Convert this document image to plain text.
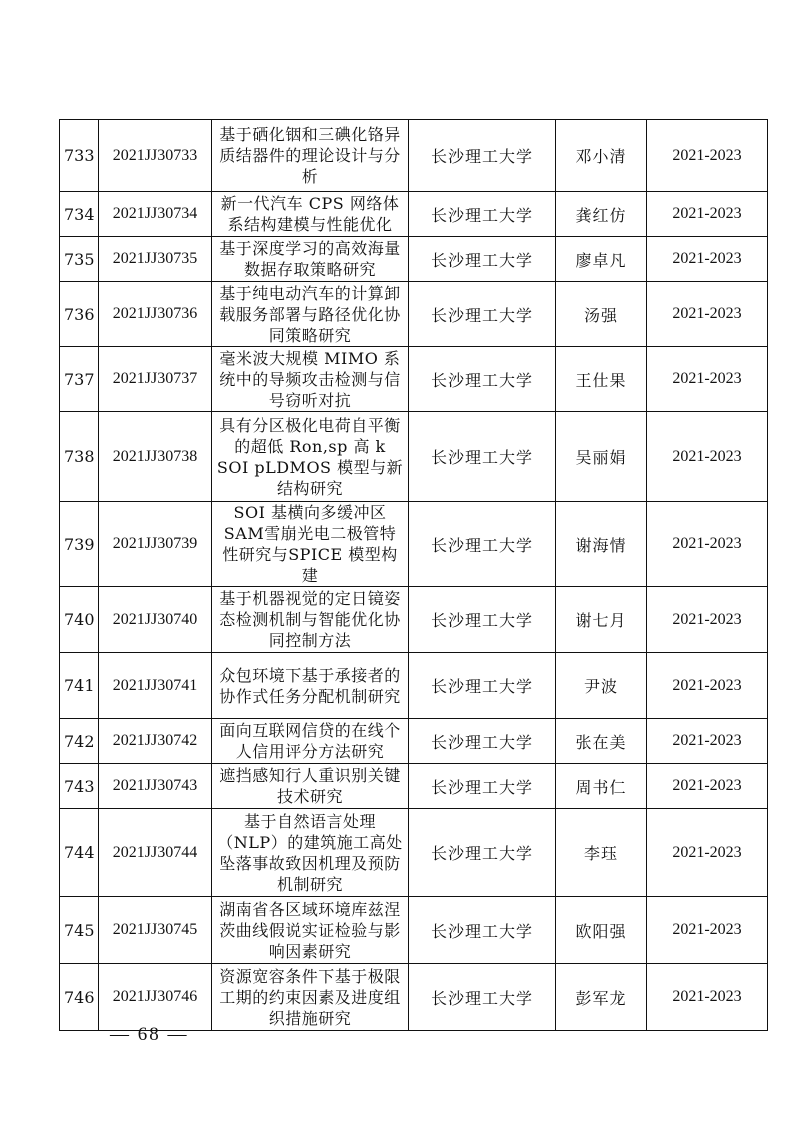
733	2021JJ30733	基于硒化铟和三碘化铬异质结器件的理论设计与分析	长沙理工大学	邓小清	2021-2023
734	2021JJ30734	新一代汽车 CPS 网络体系结构建模与性能优化	长沙理工大学	龚红仿	2021-2023
735	2021JJ30735	基于深度学习的高效海量数据存取策略研究	长沙理工大学	廖卓凡	2021-2023
736	2021JJ30736	基于纯电动汽车的计算卸载服务部署与路径优化协同策略研究	长沙理工大学	汤强	2021-2023
737	2021JJ30737	毫米波大规模 MIMO 系统中的导频攻击检测与信号窃听对抗	长沙理工大学	王仕果	2021-2023
738	2021JJ30738	具有分区极化电荷自平衡的超低 Ron,sp 高 k SOI pLDMOS 模型与新结构研究	长沙理工大学	吴丽娟	2021-2023
739	2021JJ30739	SOI 基横向多缓冲区SAM雪崩光电二极管特性研究与SPICE 模型构建	长沙理工大学	谢海情	2021-2023
740	2021JJ30740	基于机器视觉的定日镜姿态检测机制与智能优化协同控制方法	长沙理工大学	谢七月	2021-2023
741	2021JJ30741	众包环境下基于承接者的协作式任务分配机制研究	长沙理工大学	尹波	2021-2023
742	2021JJ30742	面向互联网信贷的在线个人信用评分方法研究	长沙理工大学	张在美	2021-2023
743	2021JJ30743	遮挡感知行人重识别关键技术研究	长沙理工大学	周书仁	2021-2023
744	2021JJ30744	基于自然语言处理（NLP）的建筑施工高处坠落事故致因机理及预防机制研究	长沙理工大学	李珏	2021-2023
745	2021JJ30745	湖南省各区域环境库兹涅茨曲线假说实证检验与影响因素研究	长沙理工大学	欧阳强	2021-2023
746	2021JJ30746	资源宽容条件下基于极限工期的约束因素及进度组织措施研究	长沙理工大学	彭军龙	2021-2023
— 68 —
